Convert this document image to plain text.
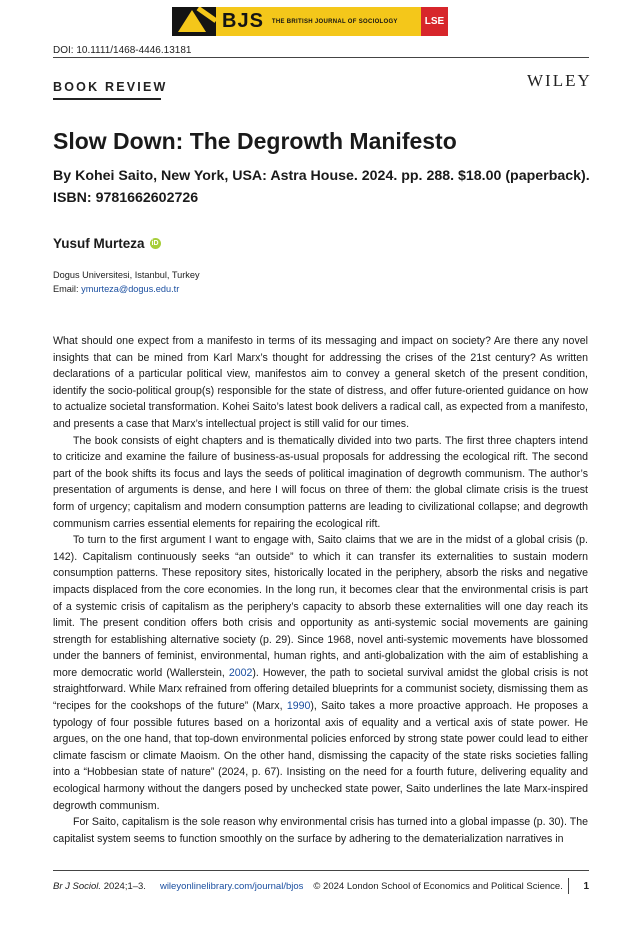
BJS THE BRITISH JOURNAL OF SOCIOLOGY	LSE
DOI: 10.1111/1468-4446.13181
BOOK REVIEW	WILEY
Slow Down: The Degrowth Manifesto
By Kohei Saito, New York, USA: Astra House. 2024. pp. 288. $18.00 (paperback). ISBN: 9781662602726
Yusuf Murteza iD
Dogus Universitesi, Istanbul, Turkey
Email: ymurteza@dogus.edu.tr

What should one expect from a manifesto in terms of its messaging and impact on society? Are there any novel insights that can be mined from Karl Marx’s thought for addressing the crises of the 21st century? As written declarations of a particular political view, manifestos aim to convey a general sketch of the present condition, identify the socio-political group(s) responsible for the state of distress, and offer future-oriented guidance on how to actualize societal transformation. Kohei Saito’s latest book delivers a radical call, as expected from a manifesto, and presents a case that Marx’s intellectual project is still valid for our times.

The book consists of eight chapters and is thematically divided into two parts. The first three chapters intend to criticize and examine the failure of business-as-usual proposals for addressing the ecological rift. The second part of the book shifts its focus and lays the seeds of political imagination of degrowth communism. The author’s presentation of arguments is dense, and here I will focus on three of them: the global climate crisis is the truest form of urgency; capitalism and modern consumption patterns are leading to civilizational collapse; and degrowth communism carries essential elements for repairing the ecological rift.

To turn to the first argument I want to engage with, Saito claims that we are in the midst of a global crisis (p. 142). Capitalism continuously seeks “an outside” to which it can transfer its externalities to sustain modern consumption patterns. These repository sites, historically located in the periphery, absorb the risks and negative impacts displaced from the core economies. In the long run, it becomes clear that the environmental crisis is part of a systemic crisis of capitalism as the periphery’s capacity to absorb these externalities will one day reach its limit. The present condition offers both crisis and opportunity as anti-systemic social movements are gaining strength for establishing alternative society (p. 29). Since 1968, novel anti-systemic movements have blossomed under the banners of feminist, environmental, human rights, and anti-globalization with the aim of establishing a more democratic world (Wallerstein, 2002). However, the path to societal survival amidst the global crisis is not straightforward. While Marx refrained from offering detailed blueprints for a communist society, dismissing them as “recipes for the cookshops of the future” (Marx, 1990), Saito takes a more proactive approach. He proposes a typology of four possible futures based on a horizontal axis of equality and a vertical axis of state power. He argues, on the one hand, that top-down environmental policies enforced by strong state power could lead to either climate fascism or climate Maoism. On the other hand, dismissing the capacity of the state risks societies falling into a “Hobbesian state of nature” (2024, p. 67). Insisting on the need for a fourth future, delivering equality and ecological harmony without the dangers posed by unchecked state power, Saito underlines the late Marx-inspired degrowth communism.

For Saito, capitalism is the sole reason why environmental crisis has turned into a global impasse (p. 30). The capitalist system seems to function smoothly on the surface by adhering to the dematerialization narratives in

Br J Sociol.
2024;1–3. wileyonlinelibrary.com/journal/bjos © 2024 London School of Economics and Political Science. 1
